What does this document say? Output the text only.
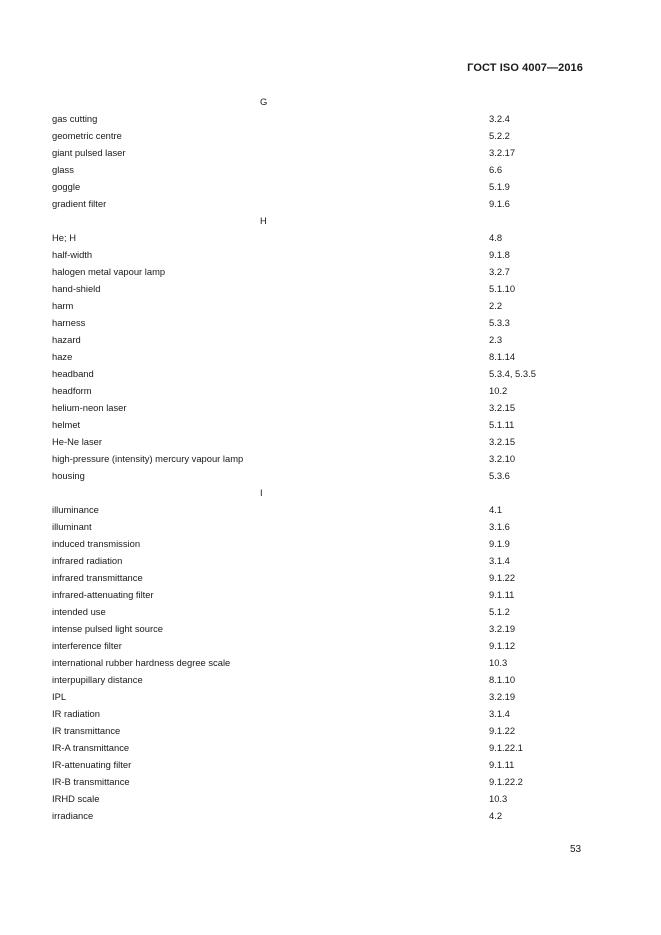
ГОСТ ISO 4007—2016
G
gas cutting	3.2.4
geometric centre	5.2.2
giant pulsed laser	3.2.17
glass	6.6
goggle	5.1.9
gradient filter	9.1.6
H
He; H	4.8
half-width	9.1.8
halogen metal vapour lamp	3.2.7
hand-shield	5.1.10
harm	2.2
harness	5.3.3
hazard	2.3
haze	8.1.14
headband	5.3.4, 5.3.5
headform	10.2
helium-neon laser	3.2.15
helmet	5.1.11
He-Ne laser	3.2.15
high-pressure (intensity) mercury vapour lamp	3.2.10
housing	5.3.6
I
illuminance	4.1
illuminant	3.1.6
induced transmission	9.1.9
infrared radiation	3.1.4
infrared transmittance	9.1.22
infrared-attenuating filter	9.1.11
intended use	5.1.2
intense pulsed light source	3.2.19
interference filter	9.1.12
international rubber hardness degree scale	10.3
interpupillary distance	8.1.10
IPL	3.2.19
IR radiation	3.1.4
IR transmittance	9.1.22
IR-A transmittance	9.1.22.1
IR-attenuating filter	9.1.11
IR-B transmittance	9.1.22.2
IRHD scale	10.3
irradiance	4.2
53
